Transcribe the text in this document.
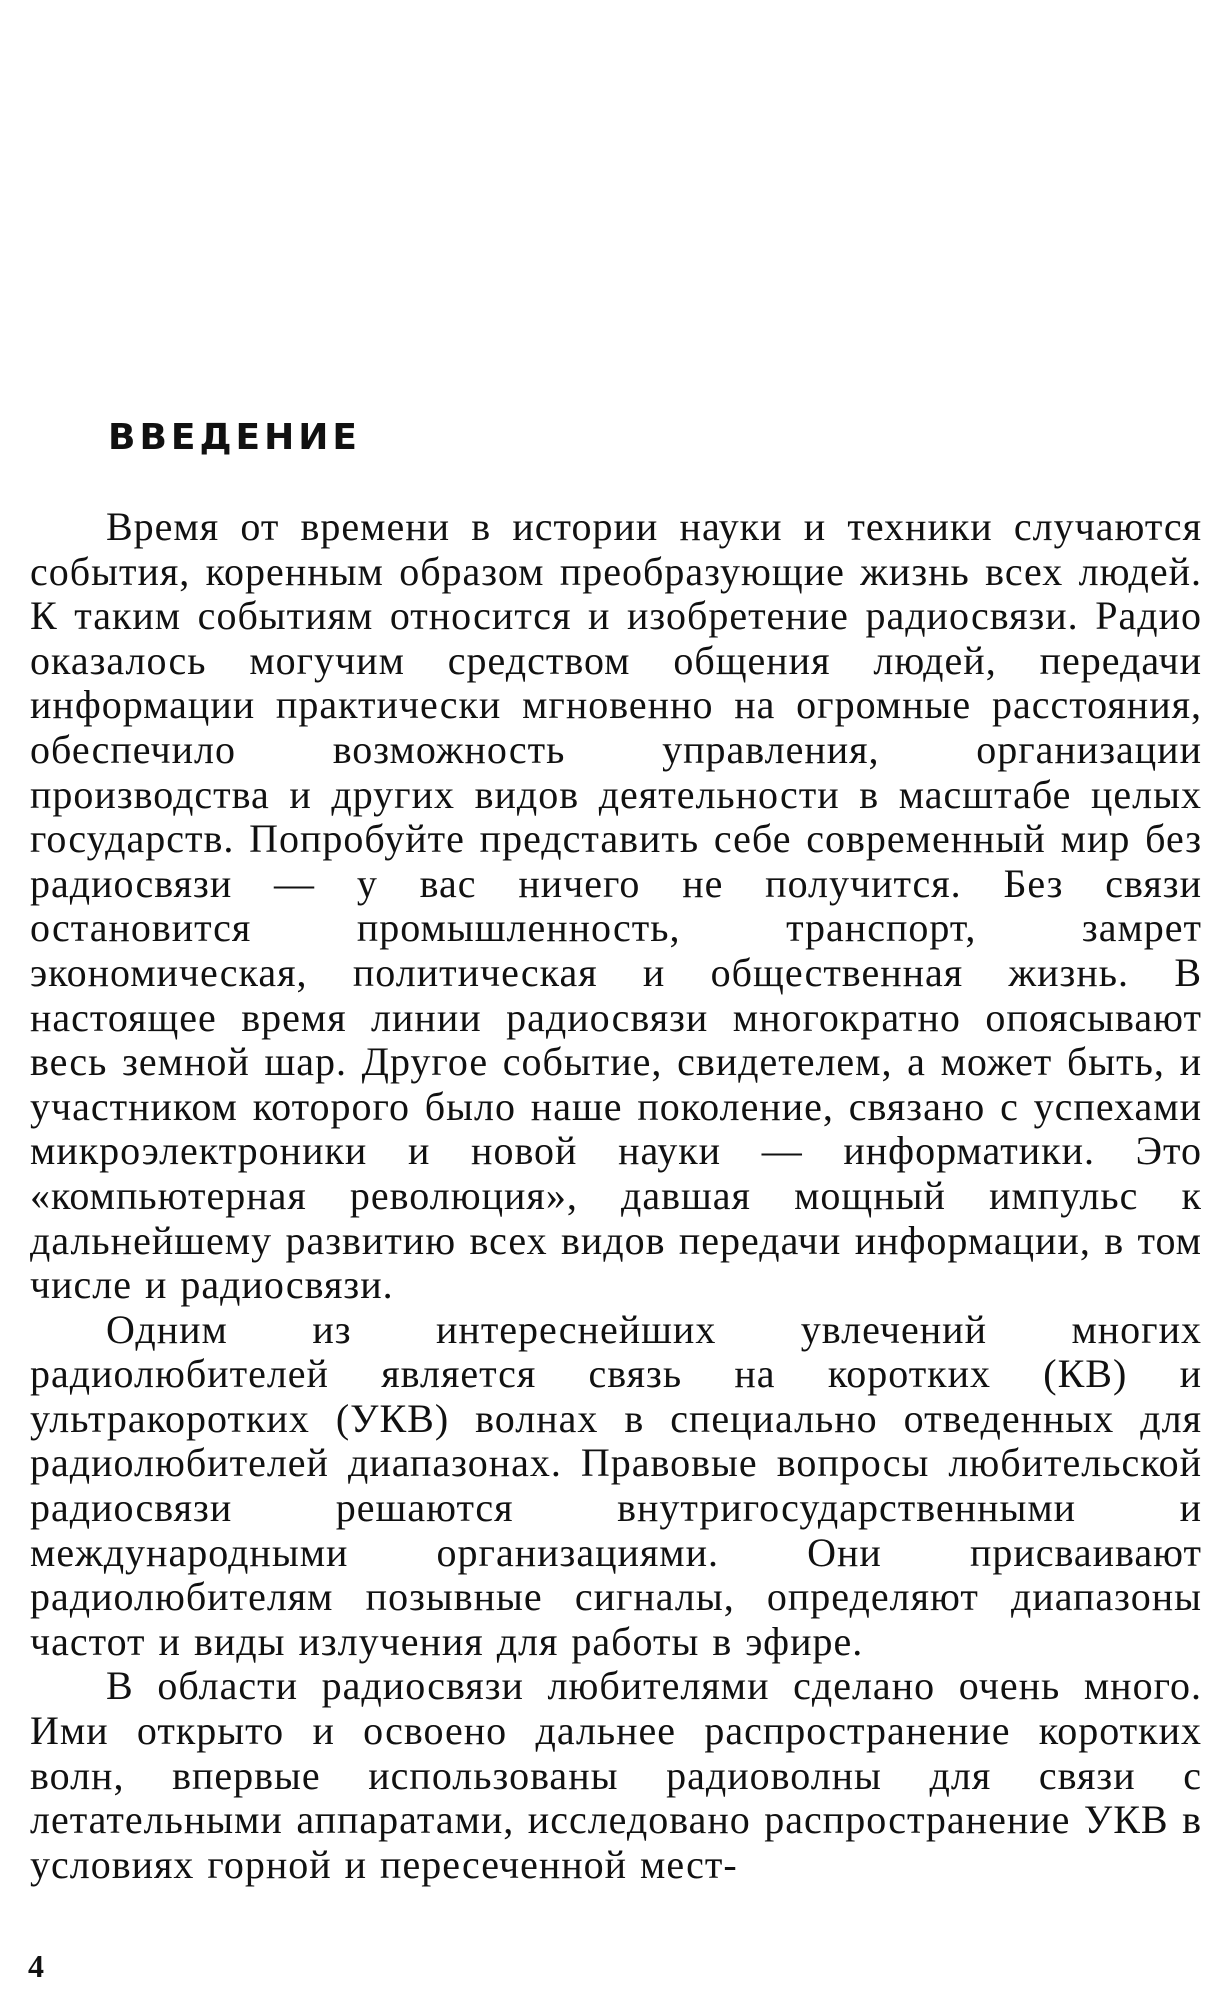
ВВЕДЕНИЕ

Время от времени в истории науки и техники случаются события, коренным образом преобразующие жизнь всех людей. К таким событиям относится и изобретение радиосвязи. Радио оказалось могучим средством общения людей, передачи информации практически мгновенно на огромные расстояния, обеспечило возможность управления, организации производства и других видов деятельности в масштабе целых государств. Попробуйте представить себе современный мир без радиосвязи — у вас ничего не получится. Без связи остановится промышленность, транспорт, замрет экономическая, политическая и общественная жизнь. В настоящее время линии радиосвязи многократно опоясывают весь земной шар. Другое событие, свидетелем, а может быть, и участником которого было наше поколение, связано с успехами микроэлектроники и новой науки — информатики. Это «компьютерная революция», давшая мощный импульс к дальнейшему развитию всех видов передачи информации, в том числе и радиосвязи.

Одним из интереснейших увлечений многих радиолюбителей является связь на коротких (КВ) и ультракоротких (УКВ) волнах в специально отведенных для радиолюбителей диапазонах. Правовые вопросы любительской радиосвязи решаются внутригосударственными и международными организациями. Они присваивают радиолюбителям позывные сигналы, определяют диапазоны частот и виды излучения для работы в эфире.

В области радиосвязи любителями сделано очень много. Ими открыто и освоено дальнее распространение коротких волн, впервые использованы радиоволны для связи с летательными аппаратами, исследовано распространение УКВ в условиях горной и пересеченной мест-

4
